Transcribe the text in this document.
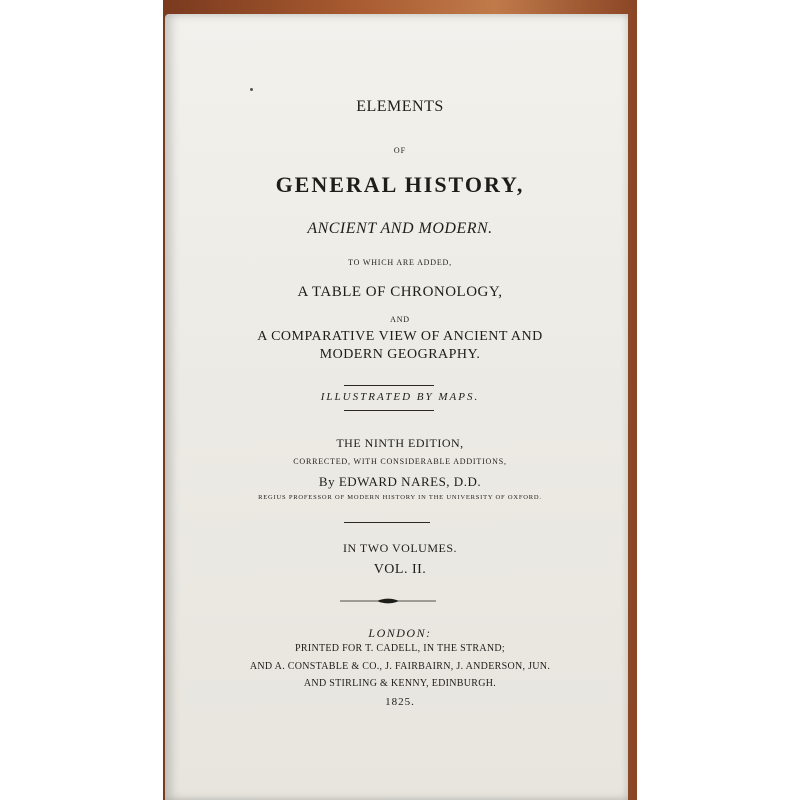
ELEMENTS

OF

GENERAL HISTORY,

ANCIENT AND MODERN.

TO WHICH ARE ADDED,

A TABLE OF CHRONOLOGY,

AND

A COMPARATIVE VIEW OF ANCIENT AND

MODERN GEOGRAPHY.

ILLUSTRATED BY MAPS.

THE NINTH EDITION,

CORRECTED, WITH CONSIDERABLE ADDITIONS,

By EDWARD NARES, D.D.

REGIUS PROFESSOR OF MODERN HISTORY IN THE UNIVERSITY OF OXFORD.

IN TWO VOLUMES.

VOL. II.

LONDON:

PRINTED FOR T. CADELL, IN THE STRAND;

AND A. CONSTABLE & CO., J. FAIRBAIRN, J. ANDERSON, JUN.

AND STIRLING & KENNY, EDINBURGH.

1825.
